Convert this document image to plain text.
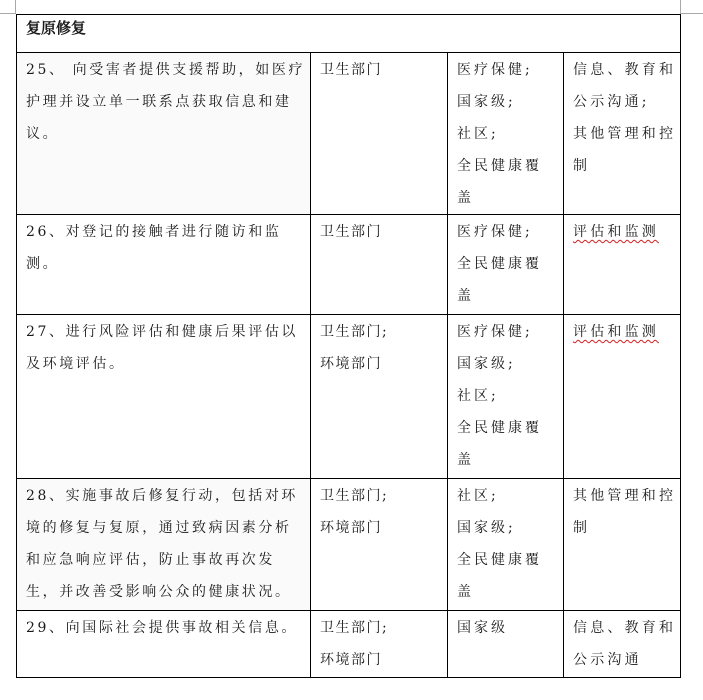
复原修复			

25、 向受害者提供支援帮助，如医疗
护理并设立单一联系点获取信息和建
议。	卫生部门	医疗保健;
国家级;
社区;
全民健康覆
盖	信息、教育和
公示沟通;
其他管理和控
制

26、对登记的接触者进行随访和监
测。	卫生部门	医疗保健;
全民健康覆
盖	评估和监测

27、进行风险评估和健康后果评估以
及环境评估。	卫生部门;
环境部门	医疗保健;
国家级;
社区;
全民健康覆
盖	评估和监测

28、实施事故后修复行动，包括对环
境的修复与复原，通过致病因素分析
和应急响应评估，防止事故再次发
生，并改善受影响公众的健康状况。	卫生部门;
环境部门	社区;
国家级;
全民健康覆
盖	其他管理和控
制

29、向国际社会提供事故相关信息。	卫生部门;
环境部门	国家级	信息、教育和
公示沟通
